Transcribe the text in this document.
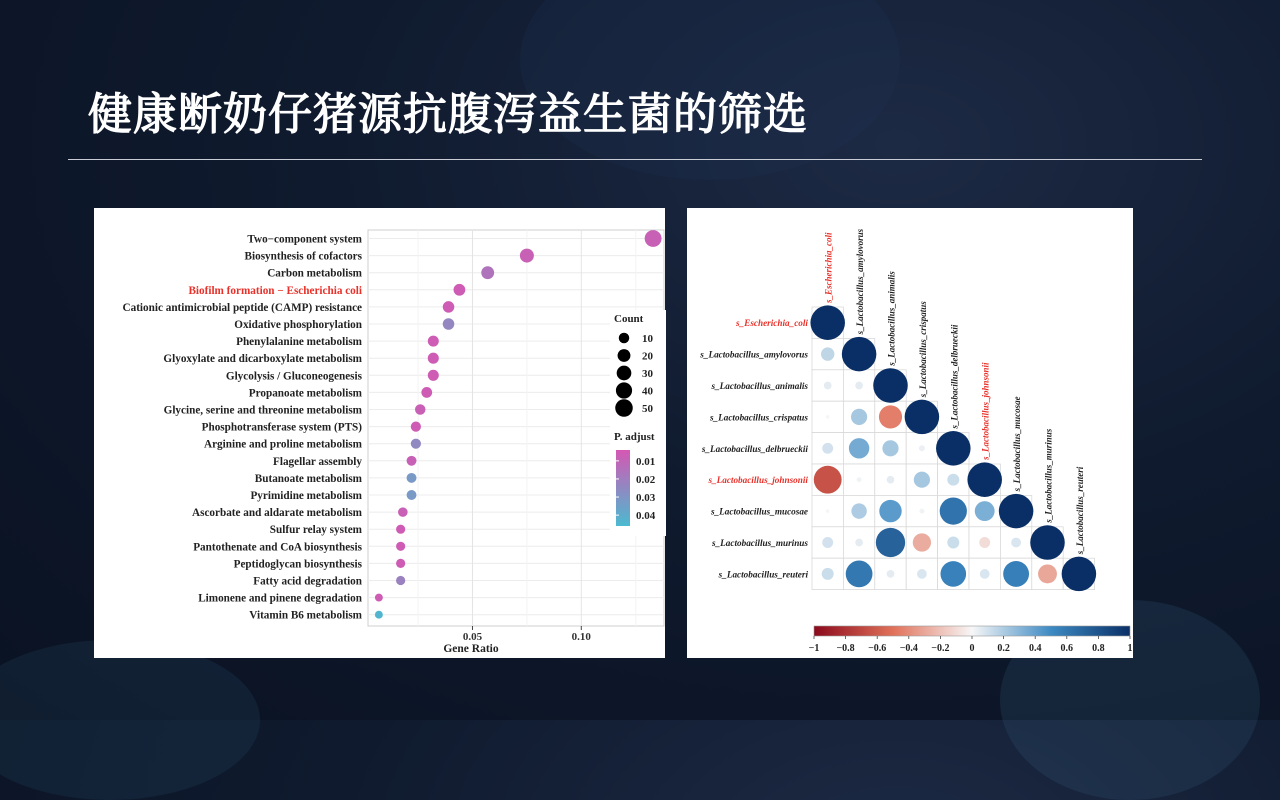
健康断奶仔猪源抗腹泻益生菌的筛选
Two−component system
Biosynthesis of cofactors
Carbon metabolism
Biofilm formation − Escherichia coli
Cationic antimicrobial peptide (CAMP) resistance
Oxidative phosphorylation
Phenylalanine metabolism
Glyoxylate and dicarboxylate metabolism
Glycolysis / Gluconeogenesis
Propanoate metabolism
Glycine, serine and threonine metabolism
Phosphotransferase system (PTS)
Arginine and proline metabolism
Flagellar assembly
Butanoate metabolism
Pyrimidine metabolism
Ascorbate and aldarate metabolism
Sulfur relay system
Pantothenate and CoA biosynthesis
Peptidoglycan biosynthesis
Fatty acid degradation
Limonene and pinene degradation
Vitamin B6 metabolism
0.05	0.10
Gene Ratio
Count
10
20
30
40
50
P. adjust
0.01
0.02
0.03
0.04
s_Escherichia_coli
s_Lactobacillus_amylovorus
s_Lactobacillus_animalis
s_Lactobacillus_crispatus
s_Lactobacillus_delbrueckii
s_Lactobacillus_johnsonii
s_Lactobacillus_mucosae
s_Lactobacillus_murinus
s_Lactobacillus_reuteri
s_Escherichia_coli s_Lactobacillus_amylovorus s_Lactobacillus_animalis s_Lactobacillus_crispatus s_Lactobacillus_delbrueckii s_Lactobacillus_johnsonii s_Lactobacillus_mucosae s_Lactobacillus_murinus s_Lactobacillus_reuteri
−1 −0.8 −0.6 −0.4 −0.2 0 0.2 0.4 0.6 0.8 1
